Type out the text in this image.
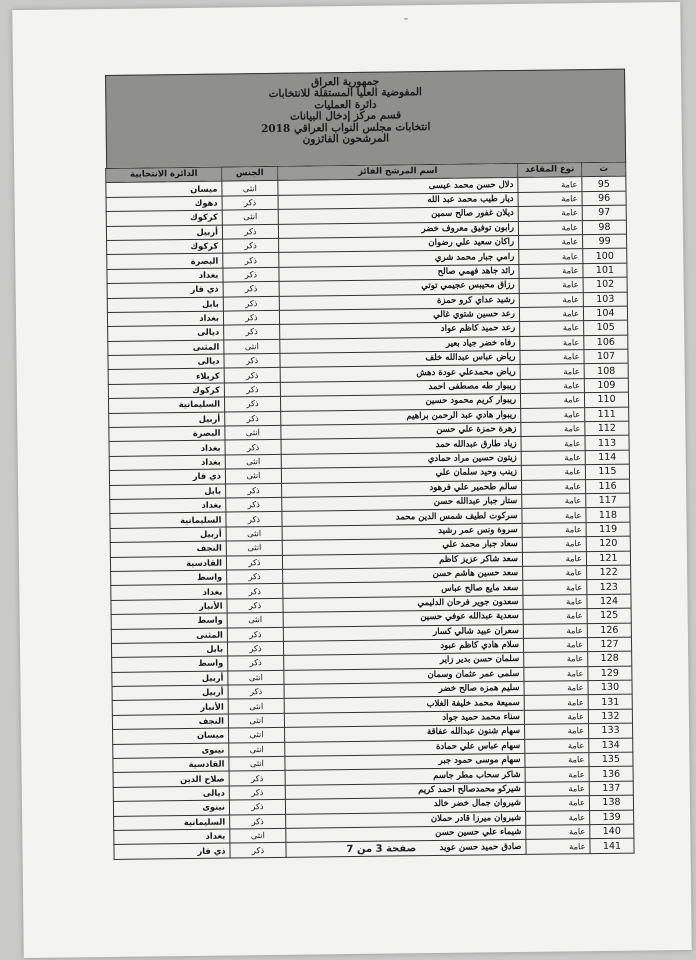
ـ
جمهورية العراق
المفوضية العليا المستقلة للانتخابات
دائرة العمليات
قسم مركز إدخال البيانات
انتخابات مجلس النواب العراقي 2018
المرشحون الفائزون
ت	نوع المقاعد	اسم المرشح الفائز	الجنس	الدائرة الانتخابية
95	عامة	دلال حسن محمد عيسى	انثى	ميسان
96	عامة	ديار طيب محمد عبد الله	ذكر	دهوك
97	عامة	ديلان غفور صالح سمين	انثى	كركوك
98	عامة	رابون توفيق معروف خضر	ذكر	أربيل
99	عامة	راكان سعيد علي رضوان	ذكر	كركوك
100	عامة	رامي جبار محمد شري	ذكر	البصرة
101	عامة	رائد جاهد فهمي صالح	ذكر	بغداد
102	عامة	رزاق محيبس عجيمي توتي	ذكر	ذي قار
103	عامة	رشيد عداي كرو حمزة	ذكر	بابل
104	عامة	رعد حسين شتوي غالي	ذكر	بغداد
105	عامة	رعد حميد كاظم عواد	ذكر	ديالى
106	عامة	رفاه خضر جياد بعير	انثى	المثنى
107	عامة	رياض عباس عبدالله خلف	ذكر	ديالى
108	عامة	رياض محمدعلي عودة دهش	ذكر	كربلاء
109	عامة	ريبوار طه مصطفى احمد	ذكر	كركوك
110	عامة	ريبوار كريم محمود حسين	ذكر	السليمانية
111	عامة	ريبوار هادي عبد الرحمن براهيم	ذكر	أربيل
112	عامة	زهرة حمزة علي حسن	انثى	البصرة
113	عامة	زياد طارق عبدالله حمد	ذكر	بغداد
114	عامة	زيتون حسين مراد حمادي	انثى	بغداد
115	عامة	زينب وحيد سلمان علي	انثى	ذي قار
116	عامة	سالم طحمير علي فرهود	ذكر	بابل
117	عامة	ستار جبار عبدالله حسن	ذكر	بغداد
118	عامة	سركوت لطيف شمس الدين محمد	ذكر	السليمانية
119	عامة	سروة ونس عمر رشيد	انثى	أربيل
120	عامة	سعاد جبار محمد علي	انثى	النجف
121	عامة	سعد شاكر عزيز كاظم	ذكر	القادسية
122	عامة	سعد حسين هاشم حسن	ذكر	واسط
123	عامة	سعد مايع صالح عباس	ذكر	بغداد
124	عامة	سعدون جوير فرحان الدليمي	ذكر	الأنبار
125	عامة	سعدية عبدالله عوفي حسين	انثى	واسط
126	عامة	سعران عبيد شالي كسار	ذكر	المثنى
127	عامة	سلام هادي كاظم عبود	ذكر	بابل
128	عامة	سلمان حسن بدير زاير	ذكر	واسط
129	عامة	سلمى عمر عثمان وسمان	انثى	أربيل
130	عامة	سليم همزه صالح خضر	ذكر	أربيل
131	عامة	سميعة محمد خليفة الغلاب	انثى	الأنبار
132	عامة	سناء محمد حميد جواد	انثى	النجف
133	عامة	سهام شنون عبدالله عفاقة	انثى	ميسان
134	عامة	سهام عباس علي حمادة	انثى	نينوى
135	عامة	سهام موسى حمود جبر	انثى	القادسية
136	عامة	شاكر سحاب مطر جاسم	ذكر	صلاح الدين
137	عامة	شيركو محمدصالح احمد كريم	ذكر	ديالى
138	عامة	شيروان جمال خضر خالد	ذكر	نينوى
139	عامة	شيروان ميرزا قادر حملان	ذكر	السليمانية
140	عامة	شيماء علي حسين حسن	انثى	بغداد
141	عامة	صادق حميد حسن عويد	ذكر	ذي قار	صفحة 3 من 7
